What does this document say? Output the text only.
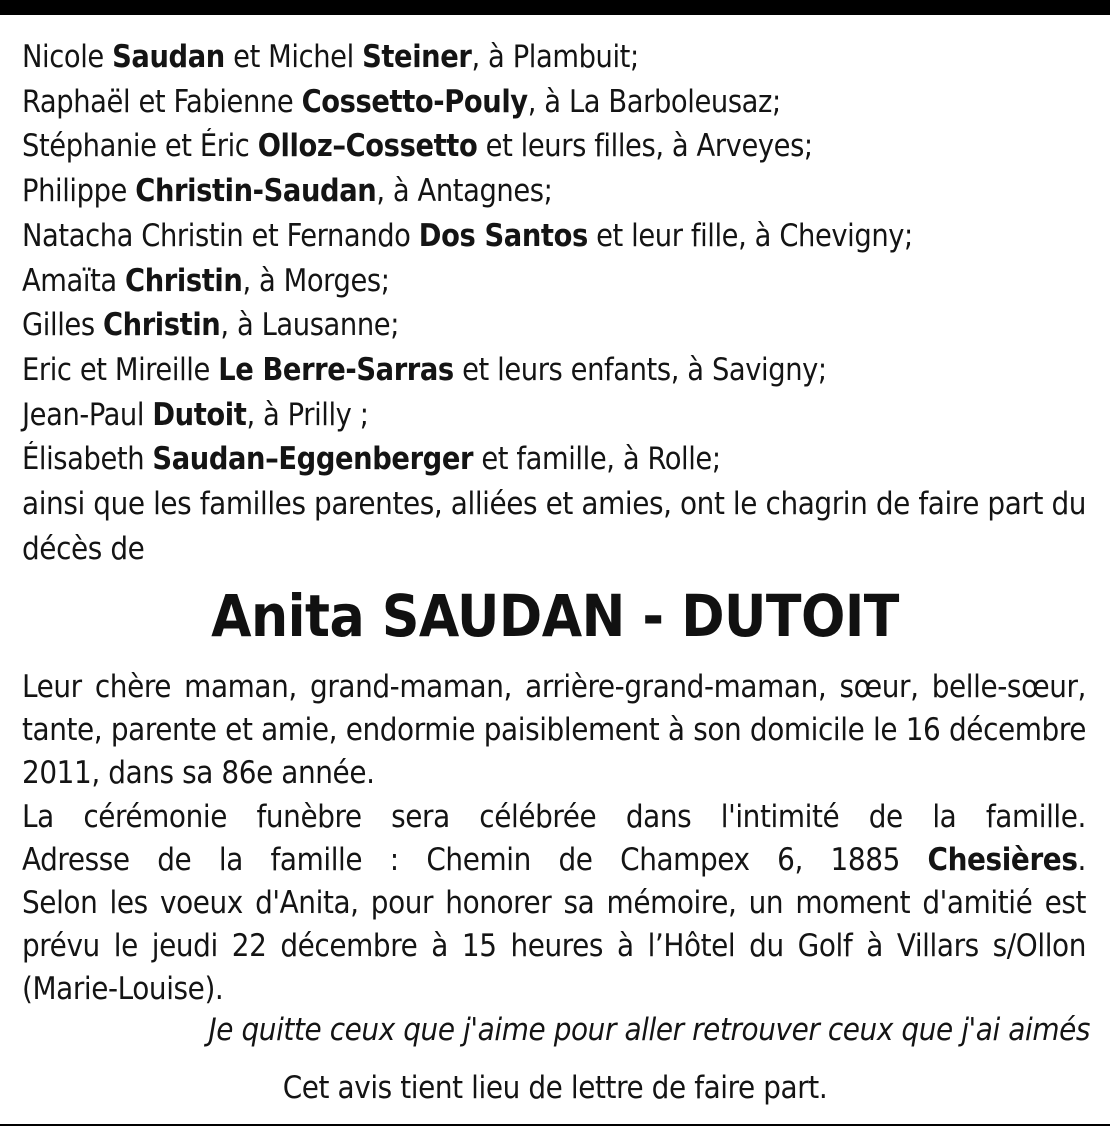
Nicole Saudan et Michel Steiner, à Plambuit;
Raphaël et Fabienne Cossetto-Pouly, à La Barboleusaz;
Stéphanie et Éric Olloz–Cossetto et leurs filles, à Arveyes;
Philippe Christin-Saudan, à Antagnes;
Natacha Christin et Fernando Dos Santos et leur fille, à Chevigny;
Amaïta Christin, à Morges;
Gilles Christin, à Lausanne;
Eric et Mireille Le Berre-Sarras et leurs enfants, à Savigny;
Jean-Paul Dutoit, à Prilly ;
Élisabeth Saudan–Eggenberger et famille, à Rolle;
ainsi que les familles parentes, alliées et amies, ont le chagrin de faire part du décès de
Anita SAUDAN - DUTOIT

Leur chère maman, grand-maman, arrière-grand-maman, sœur, belle-sœur, tante, parente et amie, endormie paisiblement à son domicile le 16 décembre 2011, dans sa 86e année.

La cérémonie funèbre sera célébrée dans l'intimité de la famille.

Adresse de la famille : Chemin de Champex 6, 1885 Chesières.

Selon les voeux d'Anita, pour honorer sa mémoire, un moment d'amitié est prévu le jeudi 22 décembre à 15 heures à l’Hôtel du Golf à Villars s/Ollon (Marie-Louise).

Je quitte ceux que j'aime pour aller retrouver ceux que j'ai aimés
Cet avis tient lieu de lettre de faire part.
